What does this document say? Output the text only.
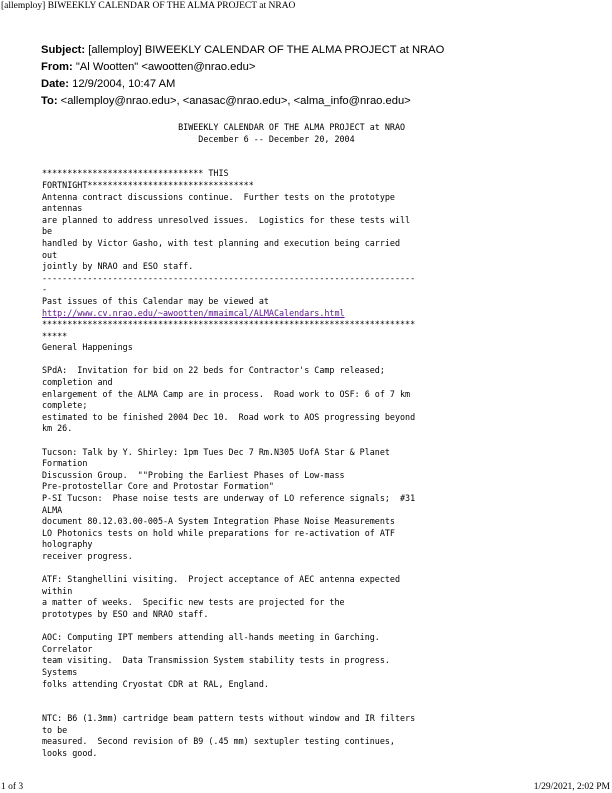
[allemploy] BIWEEKLY CALENDAR OF THE ALMA PROJECT at NRAO
Subject: [allemploy] BIWEEKLY CALENDAR OF THE ALMA PROJECT at NRAO
From: "Al Wootten" <awootten@nrao.edu>
Date: 12/9/2004, 10:47 AM
To: <allemploy@nrao.edu>, <anasac@nrao.edu>, <alma_info@nrao.edu>
BIWEEKLY CALENDAR OF THE ALMA PROJECT at NRAO
December 6 -- December 20, 2004

******************************** THIS
FORTNIGHT*********************************
Antenna contract discussions continue.  Further tests on the prototype
antennas
are planned to address unresolved issues.  Logistics for these tests will
be
handled by Victor Gasho, with test planning and execution being carried
out
jointly by NRAO and ESO staff.
--------------------------------------------------------------------------
-
Past issues of this Calendar may be viewed at
http://www.cv.nrao.edu/~awootten/mmaimcal/ALMACalendars.html
**************************************************************************
*****
General Happenings

SPdA:  Invitation for bid on 22 beds for Contractor's Camp released;
completion and
enlargement of the ALMA Camp are in process.  Road work to OSF: 6 of 7 km
complete;
estimated to be finished 2004 Dec 10.  Road work to AOS progressing beyond
km 26.

Tucson: Talk by Y. Shirley: 1pm Tues Dec 7 Rm.N305 UofA Star & Planet
Formation
Discussion Group.  ""Probing the Earliest Phases of Low-mass
Pre-protostellar Core and Protostar Formation"
P-SI Tucson:  Phase noise tests are underway of LO reference signals;  #31
ALMA
document 80.12.03.00-005-A System Integration Phase Noise Measurements
LO Photonics tests on hold while preparations for re-activation of ATF
holography
receiver progress.

ATF: Stanghellini visiting.  Project acceptance of AEC antenna expected
within
a matter of weeks.  Specific new tests are projected for the
prototypes by ESO and NRAO staff.

AOC: Computing IPT members attending all-hands meeting in Garching.
Correlator
team visiting.  Data Transmission System stability tests in progress.
Systems
folks attending Cryostat CDR at RAL, England.

NTC: B6 (1.3mm) cartridge beam pattern tests without window and IR filters
to be
measured.  Second revision of B9 (.45 mm) sextupler testing continues,
looks good.
1 of 3	1/29/2021, 2:02 PM
